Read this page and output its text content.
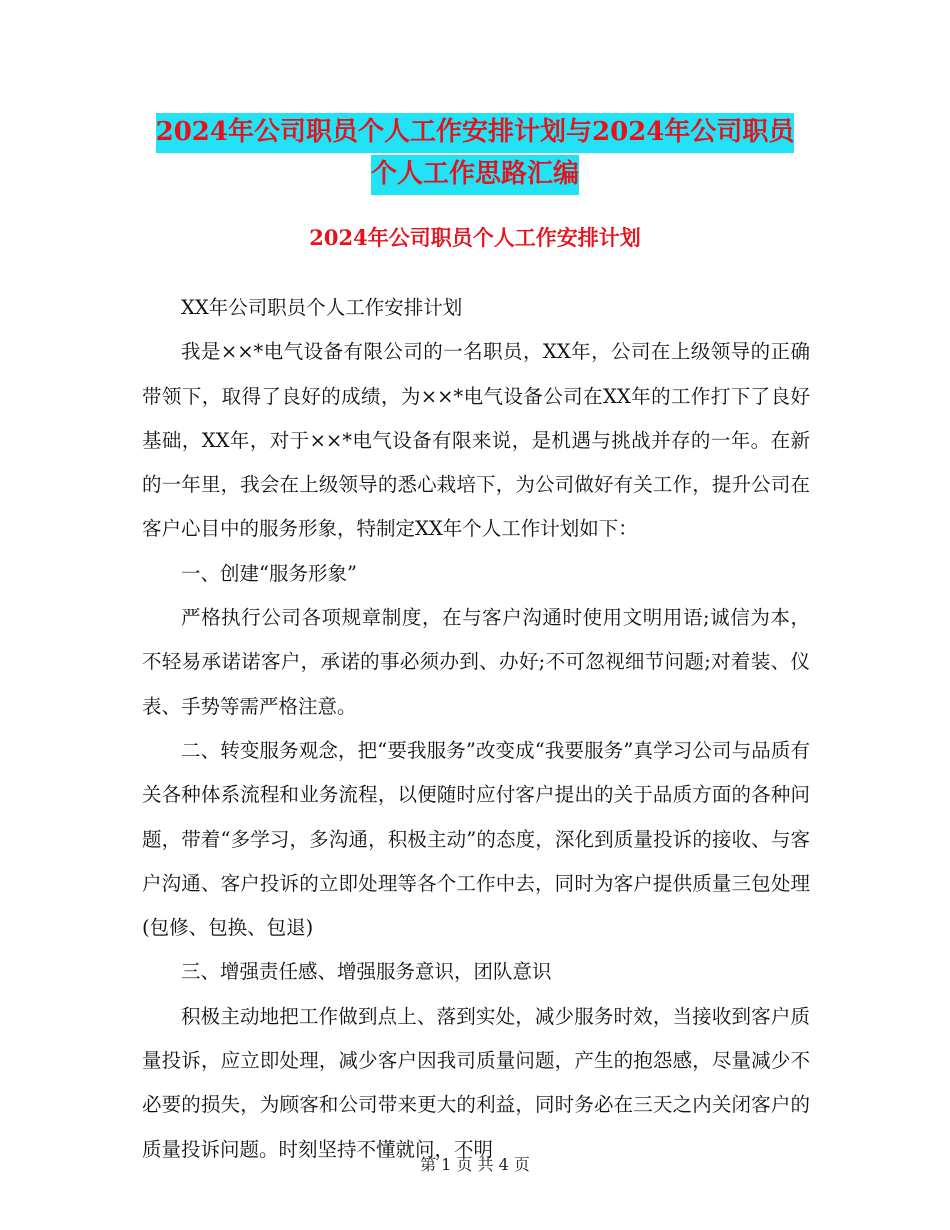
2024年公司职员个人工作安排计划与2024年公司职员
个人工作思路汇编
2024年公司职员个人工作安排计划

XX年公司职员个人工作安排计划

我是××*电气设备有限公司的一名职员，XX年，公司在上级领导的正确带领下，取得了良好的成绩，为××*电气设备公司在XX年的工作打下了良好基础，XX年，对于××*电气设备有限来说，是机遇与挑战并存的一年。在新的一年里，我会在上级领导的悉心栽培下，为公司做好有关工作，提升公司在客户心目中的服务形象，特制定XX年个人工作计划如下：

一、创建“服务形象”

严格执行公司各项规章制度，在与客户沟通时使用文明用语;诚信为本，不轻易承诺诺客户，承诺的事必须办到、办好;不可忽视细节问题;对着装、仪表、手势等需严格注意。

二、转变服务观念，把“要我服务”改变成“我要服务”真学习公司与品质有关各种体系流程和业务流程，以便随时应付客户提出的关于品质方面的各种问题，带着“多学习，多沟通，积极主动”的态度，深化到质量投诉的接收、与客户沟通、客户投诉的立即处理等各个工作中去，同时为客户提供质量三包处理(包修、包换、包退)

三、增强责任感、增强服务意识，团队意识

积极主动地把工作做到点上、落到实处，减少服务时效，当接收到客户质量投诉，应立即处理，减少客户因我司质量问题，产生的抱怨感，尽量减少不必要的损失，为顾客和公司带来更大的利益，同时务必在三天之内关闭客户的质量投诉问题。时刻坚持不懂就问，不明

第 1 页 共 4 页
